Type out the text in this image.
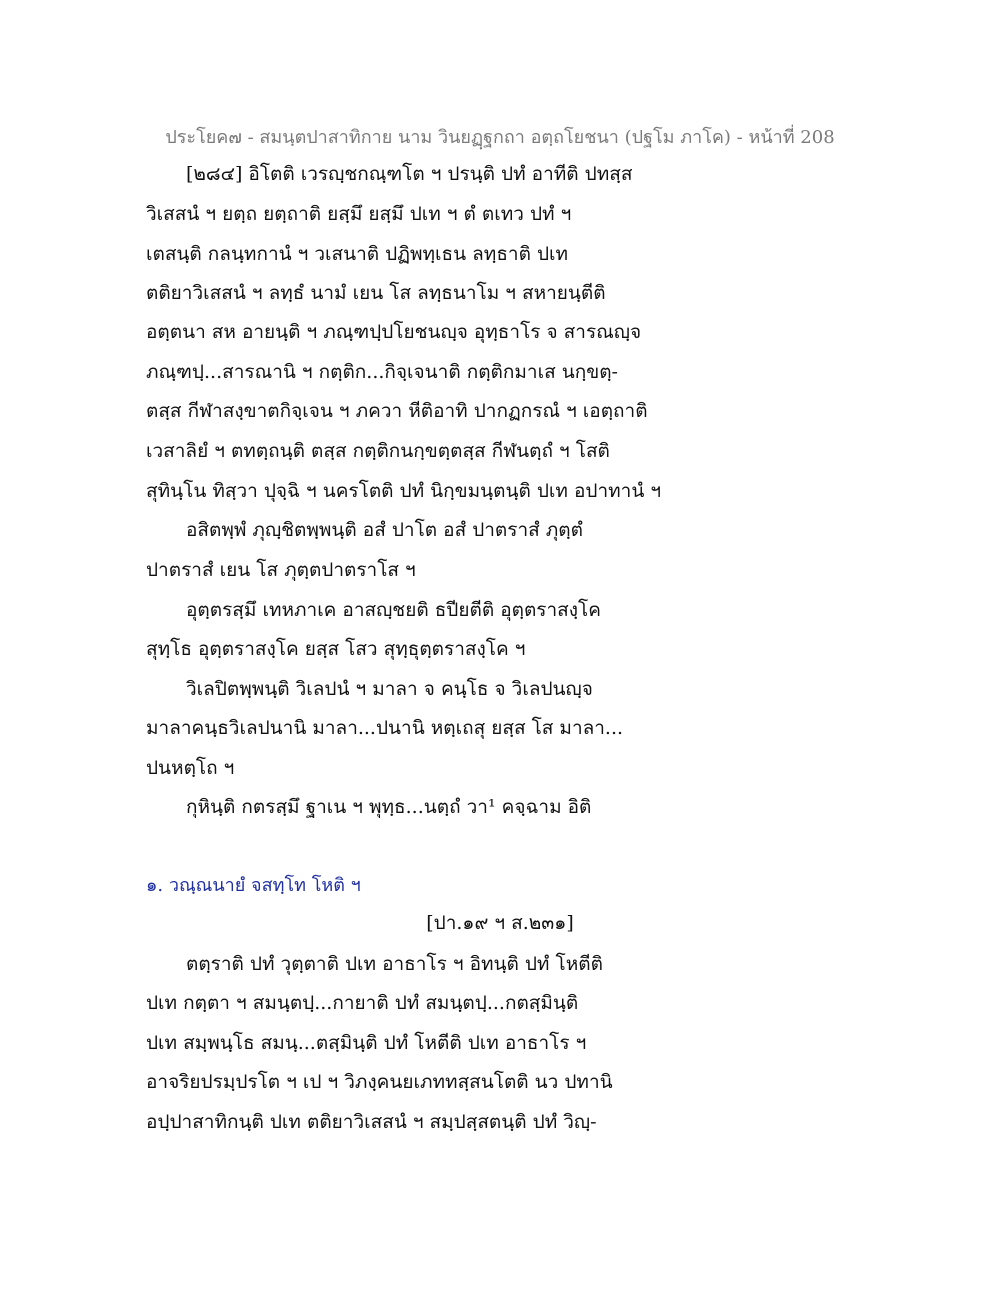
ประโยค๗ - สมนฺตปาสาทิกาย นาม วินยฏฺฐกถา อตฺถโยชนา (ปฐโม ภาโค) - หน้าที่ 208
[๒๘๔] อิโตติ เวรญฺชกณฺฑโต ฯ ปรนฺติ ปทํ อาทีติ ปทสฺส
วิเสสนํ ฯ ยตฺถ ยตฺถาติ ยสฺมึ ยสฺมึ ปเท ฯ ตํ ตเทว ปทํ ฯ
เตสนฺติ กลนฺทกานํ ฯ วเสนาติ ปฏิพทฺเธน ลทฺธาติ ปเท
ตติยาวิเสสนํ ฯ ลทฺธํ นามํ เยน โส ลทฺธนาโม ฯ สหายนฺตีติ
อตฺตนา สห อายนฺติ ฯ ภณฺฑปฺปโยชนญฺจ อุทฺธาโร จ สารณญฺจ
ภณฺฑปฺ...สารณานิ ฯ กตฺติก...กิจฺเจนาติ กตฺติกมาเส นกฺขตฺ-
ตสฺส กีฬาสงฺขาตกิจฺเจน ฯ ภควา หีติอาทิ ปากฏกรณํ ฯ เอตฺถาติ
เวสาลิยํ ฯ ตทตฺถนฺติ ตสฺส กตฺติกนกฺขตฺตสฺส กีฬนตฺถํ ฯ โสติ
สุทินฺโน ทิสฺวา ปุจฺฉิ ฯ นครโตติ ปทํ นิกฺขมนฺตนฺติ ปเท อปาทานํ ฯ
อสิตพฺพํ ภุญฺชิตพฺพนฺติ อสํ ปาโต อสํ ปาตราสํ ภุตฺตํ
ปาตราสํ เยน โส ภุตฺตปาตราโส ฯ
อุตฺตรสฺมึ เทหภาเค อาสญฺชยติ ธปียตีติ อุตฺตราสงฺโค
สุทฺโธ อุตฺตราสงฺโค ยสฺส โสว สุทฺธุตฺตราสงฺโค ฯ
วิเลปิตพฺพนฺติ วิเลปนํ ฯ มาลา จ คนฺโธ จ วิเลปนญฺจ
มาลาคนฺธวิเลปนานิ มาลา...ปนานิ หตฺเถสุ ยสฺส โส มาลา...
ปนหตฺโถ ฯ
กุหินฺติ กตรสฺมึ ฐาเน ฯ พุทฺธ...นตฺถํ วา¹ คจฺฉาม อิติ
๑. วณฺณนายํ จสทฺโท โหติ ฯ
[ปา.๑๙ ฯ ส.๒๓๑]
ตตฺราติ ปทํ วุตฺตาติ ปเท อาธาโร ฯ อิทนฺติ ปทํ โหตีติ
ปเท กตฺตา ฯ สมนฺตปฺ...กายาติ ปทํ สมนฺตปฺ...กตสฺมินฺติ
ปเท สมฺพนฺโธ สมนฺ...ตสฺมินฺติ ปทํ โหตีติ ปเท อาธาโร ฯ
อาจริยปรมฺปรโต ฯ เป ฯ วิภงฺคนยเภททสฺสนโตติ นว ปทานิ
อปฺปาสาทิกนฺติ ปเท ตติยาวิเสสนํ ฯ สมฺปสฺสตนฺติ ปทํ วิญฺ-
